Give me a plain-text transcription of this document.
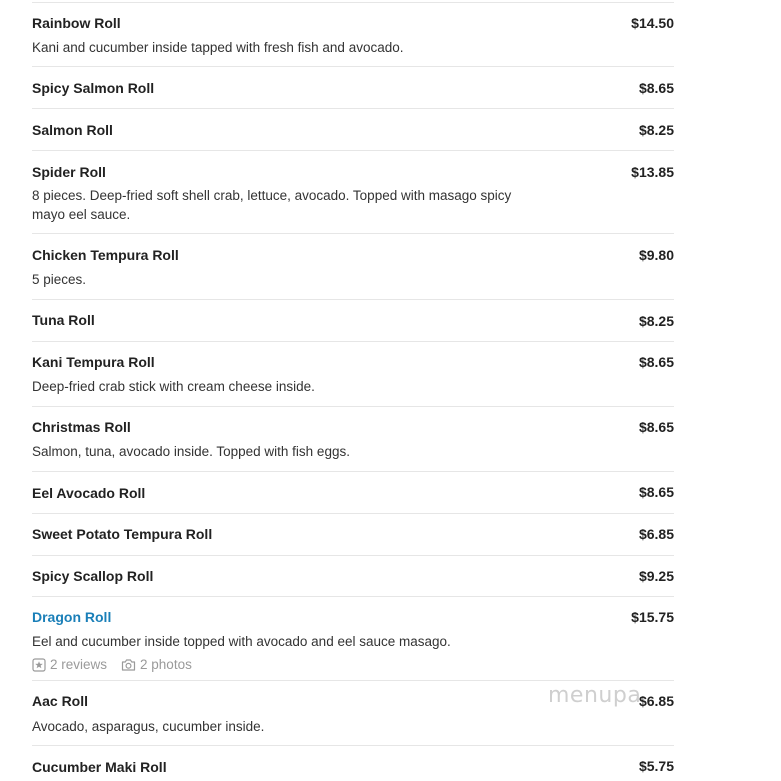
Rainbow Roll	$14.50
Kani and cucumber inside tapped with fresh fish and avocado.
Spicy Salmon Roll	$8.65
Salmon Roll	$8.25
Spider Roll	$13.85
8 pieces. Deep-fried soft shell crab, lettuce, avocado. Topped with masago spicy mayo eel sauce.
Chicken Tempura Roll	$9.80
5 pieces.
Tuna Roll	$8.25
Kani Tempura Roll	$8.65
Deep-fried crab stick with cream cheese inside.
Christmas Roll	$8.65
Salmon, tuna, avocado inside. Topped with fish eggs.
Eel Avocado Roll	$8.65
Sweet Potato Tempura Roll	$6.85
Spicy Scallop Roll	$9.25
Dragon Roll	$15.75
Eel and cucumber inside topped with avocado and eel sauce masago.
2 reviews 2 photos
Aac Roll	$6.85
Avocado, asparagus, cucumber inside.
Cucumber Maki Roll	$5.75
menupa
